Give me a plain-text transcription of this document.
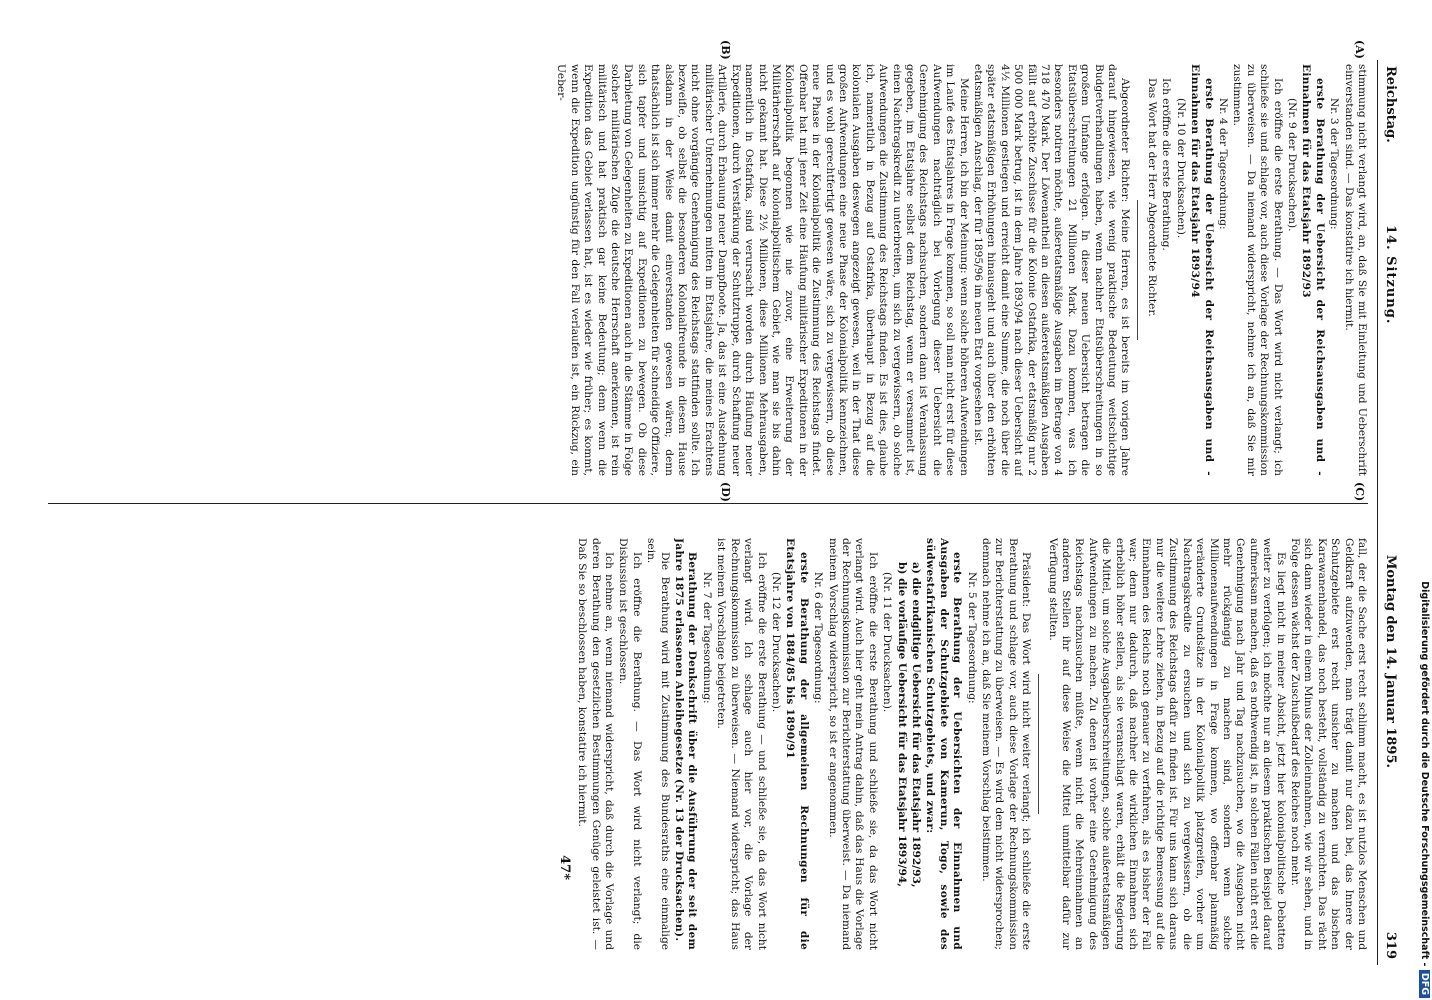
Reichstag.
14. Sitzung.
Montag den 14. Januar 1895.
319
(A)
(B)
(C)
(D)

stimmung nicht verlangt wird, an, daß Sie mit Einleitung und Ueberschrift einverstanden sind. — Das konstatire ich hiermit.

Nr. 3 der Tagesordnung:

erste Berathung der Uebersicht der Reichsausgaben und -Einnahmen für das Etatsjahr 1892/93

(Nr. 9 der Drucksachen).

Ich eröffne die erste Berathung. — Das Wort wird nicht verlangt; ich schließe sie und schlage vor, auch diese Vorlage der Rechnungskommission zu überweisen. — Da niemand widerspricht, nehme ich an, daß Sie mir zustimmen.

Nr. 4 der Tagesordnung:

erste Berathung der Uebersicht der Reichsausgaben und -Einnahmen für das Etatsjahr 1893/94

(Nr. 10 der Drucksachen).

Ich eröffne die erste Berathung.

Das Wort hat der Herr Abgeordnete Richter.

Abgeordneter Richter: Meine Herren, es ist bereits im vorigen Jahre darauf hingewiesen, wie wenig praktische Bedeutung weitschichtige Budgetverhandlungen haben, wenn nachher Etatsüberschreitungen in so großem Umfange erfolgen. In dieser neuen Uebersicht betragen die Etatsüberschreitungen 21 Millionen Mark. Dazu kommen, was ich besonders notiren möchte, außeretatsmäßige Ausgaben im Betrage von 4 718 470 Mark. Der Löwenantheil an diesen außeretatsmäßigen Ausgaben fällt auf erhöhte Zuschüsse für die Kolonie Ostafrika, der etatsmäßig nur 2 500 000 Mark betrug, ist in dem Jahre 1893/94 nach dieser Uebersicht auf 4½ Millionen gestiegen und erreicht damit eine Summe, die noch über die später etatsmäßigen Erhöhungen hinausgeht und auch über den erhöhten etatsmäßigen Anschlag, der für 1895/96 im neuen Etat vorgesehen ist.

Meine Herren, ich bin der Meinung: wenn solche höheren Aufwendungen im Laufe des Etatsjahres in Frage kommen, so soll man nicht erst für diese Aufwendungen nachträglich bei Vorlegung dieser Uebersicht die Genehmigung des Reichstags nachsuchen, sondern dann ist Veranlassung gegeben, im Etatsjahre selbst dem Reichstag, wenn er versammelt ist, einen Nachtragskredit zu unterbreiten, um sich zu vergewissern, ob solche Aufwendungen die Zustimmung des Reichstags finden. Es ist dies, glaube ich, namentlich in Bezug auf Ostafrika, überhaupt in Bezug auf die kolonialen Ausgaben deswegen angezeigt gewesen, weil in der That diese großen Aufwendungen eine neue Phase der Kolonialpolitik kennzeichnen, und es wohl gerechtfertigt gewesen wäre, sich zu vergewissern, ob diese neue Phase in der Kolonialpolitik die Zustimmung des Reichstags findet. Offenbar hat mit jener Zeit eine Häufung militärischer Expeditionen in der Kolonialpolitik begonnen wie nie zuvor, eine Erweiterung der Militärherrschaft auf kolonialpolitischem Gebiet, wie man sie bis dahin nicht gekannt hat. Diese 2½ Millionen, diese Millionen Mehrausgaben, namentlich in Ostafrika, sind verursacht worden durch Häufung neuer Expeditionen, durch Verstärkung der Schutztruppe, durch Schaffung neuer Artillerie, durch Erbauung neuer Dampfboote. Ja, das ist eine Ausdehnung militärischer Unternehmungen mitten im Etatsjahre, die meines Erachtens nicht ohne vorgängige Genehmigung des Reichstags stattfinden sollte. Ich bezweifle, ob selbst die besonderen Kolonialfreunde in diesem Hause alsdann in der Weise damit einverstanden gewesen wären; denn thatsächlich ist sich immer mehr die Gelegenheiten für schneidige Offiziere, sich tapfer und umsichtig auf Expeditionen zu bewegen. Ob diese Darbietung von Gelegenheiten zu Expeditionen auch in die Stämme in Folge solcher militärischen Züge die deutsche Herrschaft anerkennen, ist rein militärisch und hat praktisch gar keine Bedeutung; denn wenn die Expedition das Gebiet verlassen hat, ist es wieder wie früher; es kommt, wenn die Expedition ungünstig für den Fall verlaufen ist, ein Rückzug, ein Ueber-

fall, der die Sache erst recht schlimm macht, es ist nutzlos Menschen und Geldkraft aufzuwenden, man trägt damit nur dazu bei, das Innere der Schutzgebiete erst recht unsicher zu machen und das bischen Karawanenhandel, das noch besteht, vollständig zu vernichten. Das rächt sich dann wieder in einem Minus der Zolleinnahmen, wie wir sehen, und in Folge dessen wächst der Zuschußbedarf des Reiches noch mehr.

Es liegt nicht in meiner Absicht, jetzt hier kolonialpolitische Debatten weiter zu verfolgen; ich möchte nur an diesem praktischen Beispiel darauf aufmerksam machen, daß es nothwendig ist, in solchen Fällen nicht erst die Genehmigung nach Jahr und Tag nachzusuchen, wo die Ausgaben nicht mehr rückgängig zu machen sind, sondern wenn solche Millionenaufwendungen in Frage kommen, wo offenbar planmäßig veränderte Grundsätze in der Kolonialpolitik platzgreifen, vorher um Nachtragskredite zu ersuchen und sich zu vergewissern, ob die Zustimmung des Reichstags dafür zu finden ist. Für uns kann sich daraus nur die weitere Lehre ziehen, in Bezug auf die richtige Bemessung auf die Einnahmen des Reichs noch genauer zu verfahren, als es bisher der Fall war; denn nur dadurch, daß nachher die wirklichen Einnahmen sich erheblich höher stellen, als sie veranschlagt waren, erhält die Regierung die Mittel, um solche Ausgabeüberschreitungen, solche außeretatsmäßigen Aufwendungen zu machen. Zu denen ist vorher eine Genehmigung des Reichstags nachzusuchen müßte, wenn nicht die Mehreinnahmen an anderen Stellen ihr auf diese Weise die Mittel unmittelbar dafür zur Verfügung stellten.

Präsident: Das Wort wird nicht weiter verlangt; ich schließe die erste Berathung und schlage vor, auch diese Vorlage der Rechnungskommission zur Berichterstattung zu überweisen. — Es wird dem nicht widersprochen; demnach nehme ich an, daß Sie meinem Vorschlag beistimmen.

Nr. 5 der Tagesordnung:

erste Berathung der Uebersichten der Einnahmen und Ausgaben der Schutzgebiete von Kamerun, Togo, sowie des südwestafrikanischen Schutzgebiets, und zwar:

a) die endgiltige Uebersicht für das Etatsjahr 1892/93,

b) die vorläufige Uebersicht für das Etatsjahr 1893/94,

(Nr. 11 der Drucksachen).

Ich eröffne die erste Berathung und schließe sie, da das Wort nicht verlangt wird. Auch hier geht mein Antrag dahin, daß das Haus die Vorlage der Rechnungskommission zur Berichterstattung überweist. — Da niemand meinem Vorschlag widerspricht, so ist er angenommen.

Nr. 6 der Tagesordnung:

erste Berathung der allgemeinen Rechnungen für die Etatsjahre von 1884/85 bis 1890/91

(Nr. 12 der Drucksachen).

Ich eröffne die erste Berathung — und schließe sie, da das Wort nicht verlangt wird. Ich schlage auch hier vor, die Vorlage der Rechnungskommission zu überweisen. — Niemand widerspricht; das Haus ist meinem Vorschlage beigetreten.

Nr. 7 der Tagesordnung:

Berathung der Denkschrift über die Ausführung der seit dem Jahre 1875 erlassenen Anleihegesetze (Nr. 13 der Drucksachen).

Die Berathung wird mit Zustimmung des Bundesraths eine einmalige sein.

Ich eröffne die Berathung. — Das Wort wird nicht verlangt; die Diskussion ist geschlossen.

Ich nehme an, wenn niemand widerspricht, daß durch die Vorlage und deren Berathung den gesetzlichen Bestimmungen Genüge geleistet ist. — Daß Sie so beschlossen haben, konstatire ich hiermit.

47*	Digitalisierung gefördert durch die Deutsche Forschungsgemeinschaft - DFG
